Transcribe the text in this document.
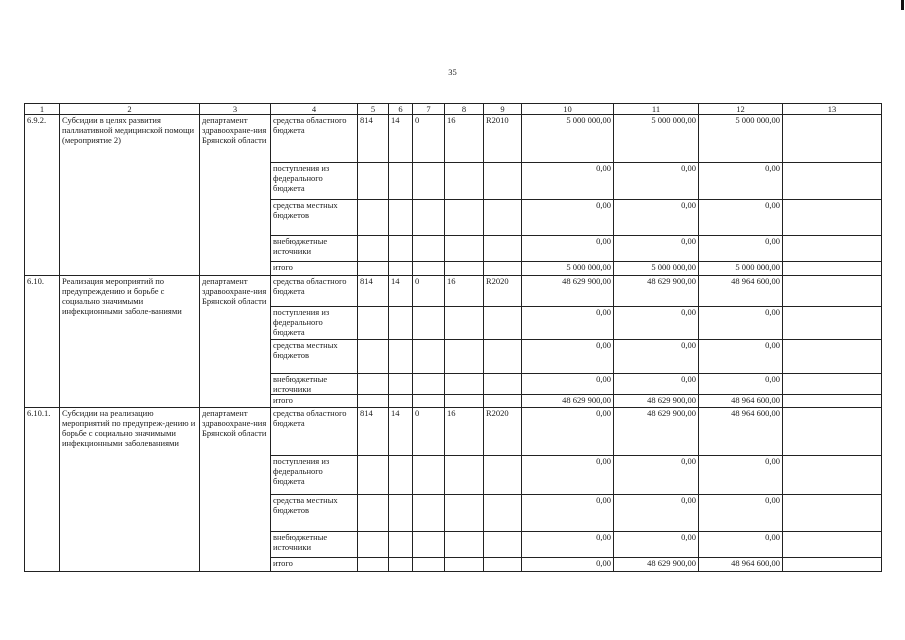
35
1	2	3	4	5	6	7	8	9	10	11	12	13
6.9.2.	Субсидии в целях развития паллиативной медицинской помощи (мероприятие 2)	департамент здравоохране-ния Брянской области	средства областного бюджета	814	14	0	16	R2010	5 000 000,00	5 000 000,00	5 000 000,00	
			поступления из федерального бюджета						0,00	0,00	0,00	
			средства местных бюджетов						0,00	0,00	0,00	
			внебюджетные источники						0,00	0,00	0,00	
			итого						5 000 000,00	5 000 000,00	5 000 000,00	
6.10.	Реализация мероприятий по предупреждению и борьбе с социально значимыми инфекционными заболе-ваниями	департамент здравоохране-ния Брянской области	средства областного бюджета	814	14	0	16	R2020	48 629 900,00	48 629 900,00	48 964 600,00	
			поступления из федерального бюджета						0,00	0,00	0,00	
			средства местных бюджетов						0,00	0,00	0,00	
			внебюджетные источники						0,00	0,00	0,00	
			итого						48 629 900,00	48 629 900,00	48 964 600,00	
6.10.1.	Субсидии на реализацию мероприятий по предупреж-дению и борьбе с социально значимыми инфекционными заболеваниями	департамент здравоохране-ния Брянской области	средства областного бюджета	814	14	0	16	R2020	0,00	48 629 900,00	48 964 600,00	
			поступления из федерального бюджета						0,00	0,00	0,00	
			средства местных бюджетов						0,00	0,00	0,00	
			внебюджетные источники						0,00	0,00	0,00	
			итого						0,00	48 629 900,00	48 964 600,00	
